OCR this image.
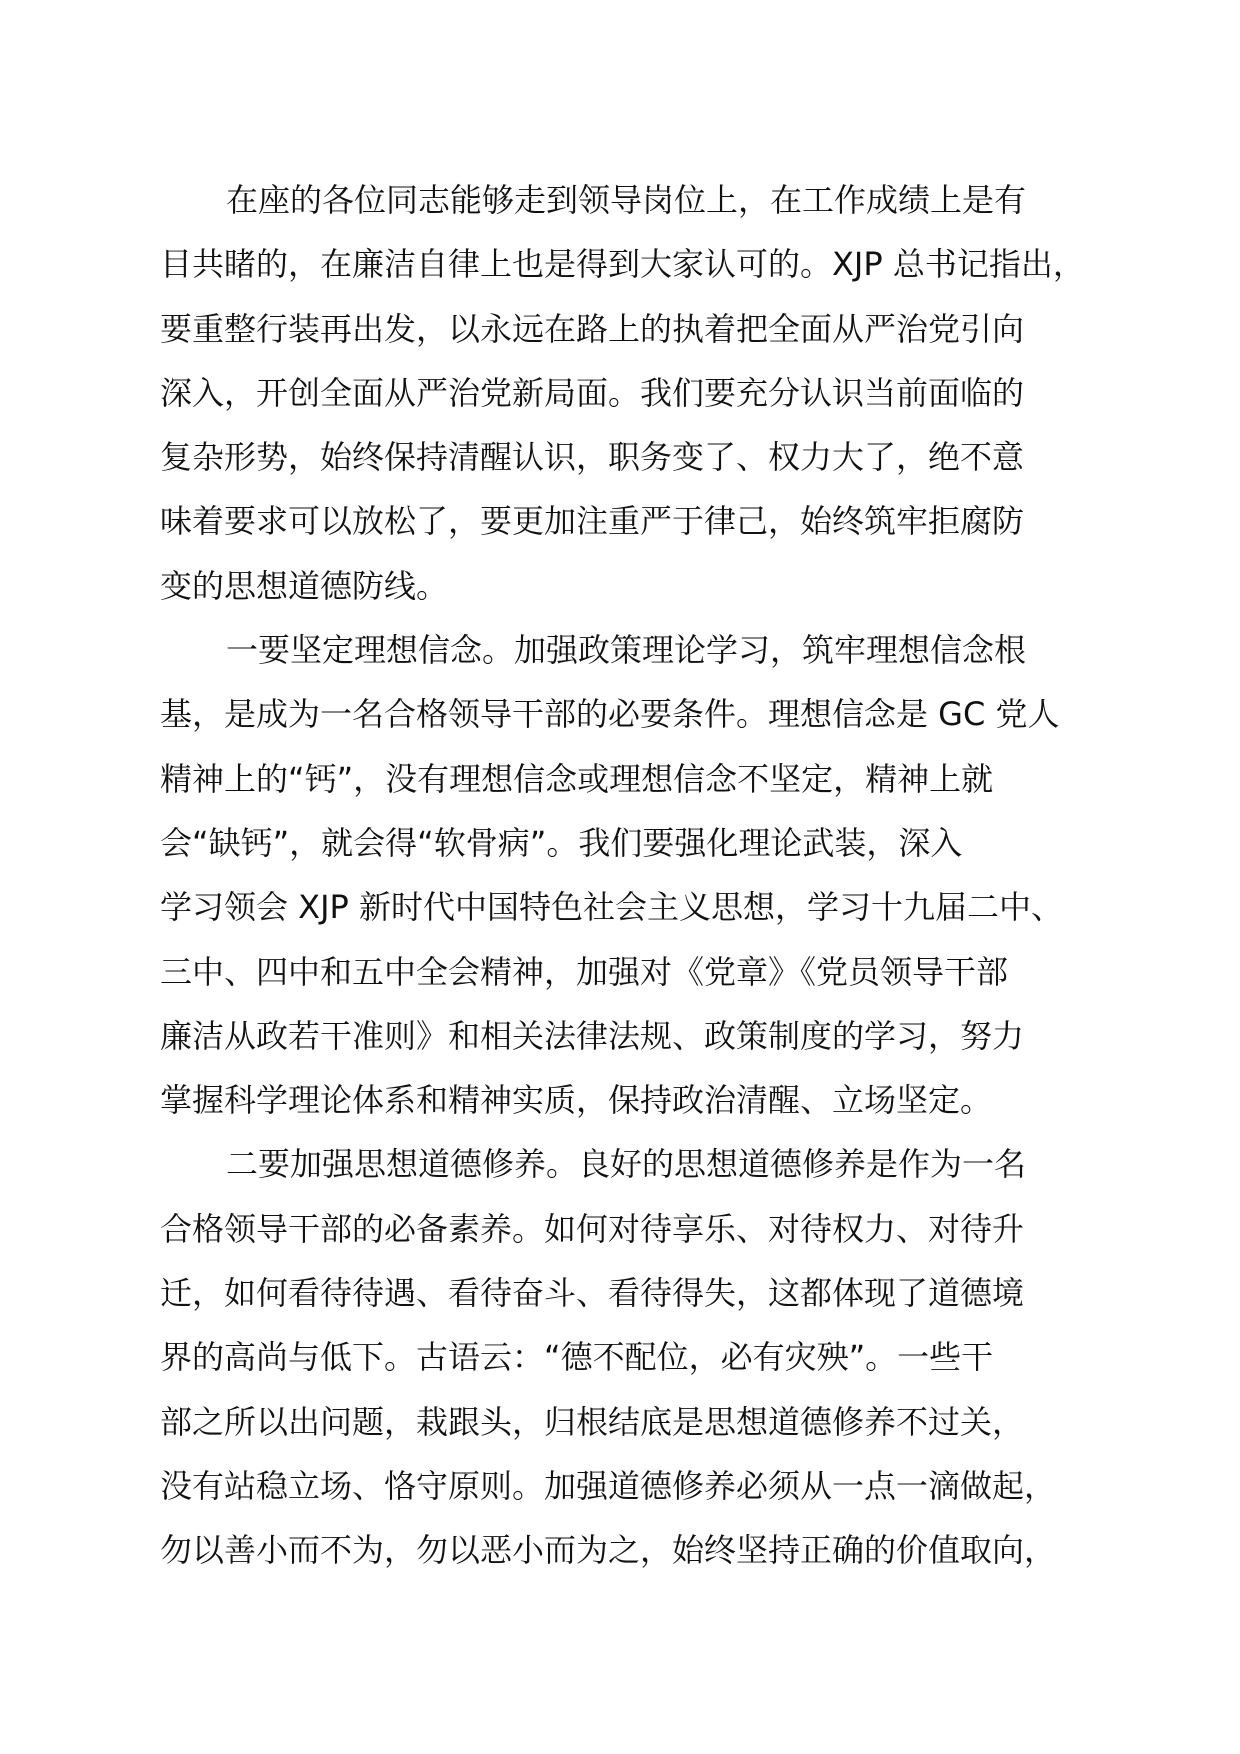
在座的各位同志能够走到领导岗位上，在工作成绩上是有
目共睹的，在廉洁自律上也是得到大家认可的。XJP 总书记指出，
要重整行装再出发，以永远在路上的执着把全面从严治党引向
深入，开创全面从严治党新局面。我们要充分认识当前面临的
复杂形势，始终保持清醒认识，职务变了、权力大了，绝不意
味着要求可以放松了，要更加注重严于律己，始终筑牢拒腐防
变的思想道德防线。
一要坚定理想信念。加强政策理论学习，筑牢理想信念根
基，是成为一名合格领导干部的必要条件。理想信念是 GC 党人
精神上的“钙”，没有理想信念或理想信念不坚定，精神上就
会“缺钙”，就会得“软骨病”。我们要强化理论武装，深入
学习领会 XJP 新时代中国特色社会主义思想，学习十九届二中、
三中、四中和五中全会精神，加强对《党章》《党员领导干部
廉洁从政若干准则》和相关法律法规、政策制度的学习，努力
掌握科学理论体系和精神实质，保持政治清醒、立场坚定。
二要加强思想道德修养。良好的思想道德修养是作为一名
合格领导干部的必备素养。如何对待享乐、对待权力、对待升
迁，如何看待待遇、看待奋斗、看待得失，这都体现了道德境
界的高尚与低下。古语云：“德不配位，必有灾殃”。一些干
部之所以出问题，栽跟头，归根结底是思想道德修养不过关，
没有站稳立场、恪守原则。加强道德修养必须从一点一滴做起，
勿以善小而不为，勿以恶小而为之，始终坚持正确的价值取向，
